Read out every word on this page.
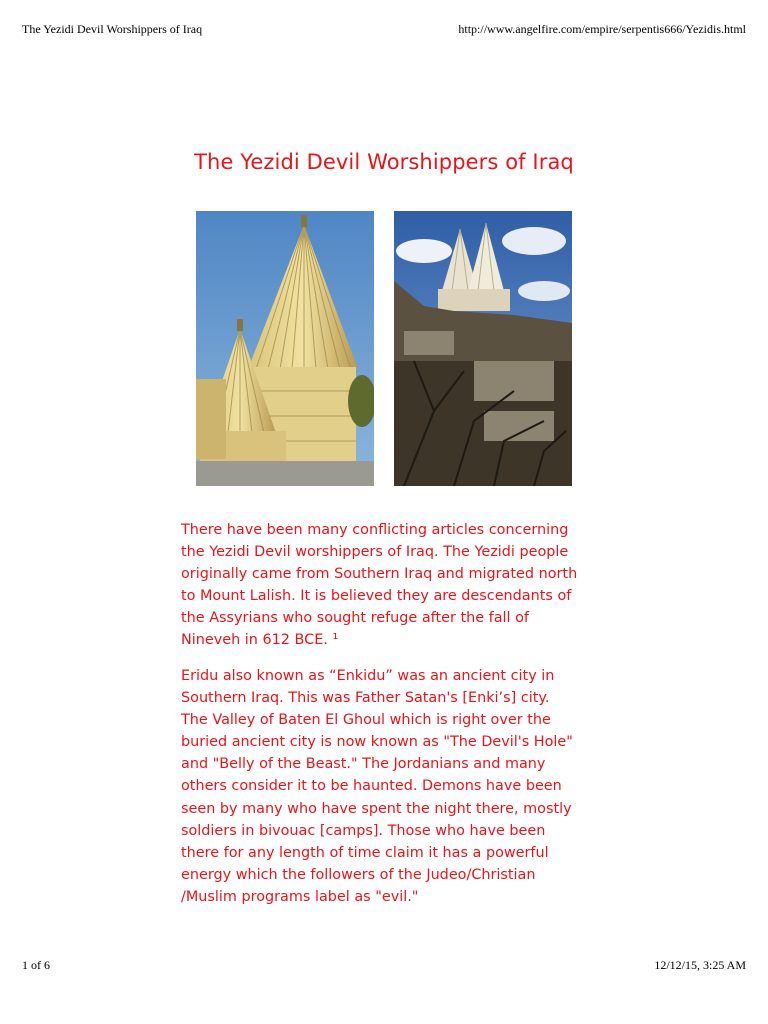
The Yezidi Devil Worshippers of Iraq	http://www.angelfire.com/empire/serpentis666/Yezidis.html
The Yezidi Devil Worshippers of Iraq

There have been many conflicting articles concerning
the Yezidi Devil worshippers of Iraq. The Yezidi people
originally came from Southern Iraq and migrated north
to Mount Lalish. It is believed they are descendants of
the Assyrians who sought refuge after the fall of
Nineveh in 612 BCE. ¹

Eridu also known as “Enkidu” was an ancient city in
Southern Iraq. This was Father Satan's [Enki’s] city.
The Valley of Baten El Ghoul which is right over the
buried ancient city is now known as "The Devil's Hole"
and "Belly of the Beast." The Jordanians and many
others consider it to be haunted. Demons have been
seen by many who have spent the night there, mostly
soldiers in bivouac [camps]. Those who have been
there for any length of time claim it has a powerful
energy which the followers of the Judeo/Christian
/Muslim programs label as "evil."

1 of 6	12/12/15, 3:25 AM
